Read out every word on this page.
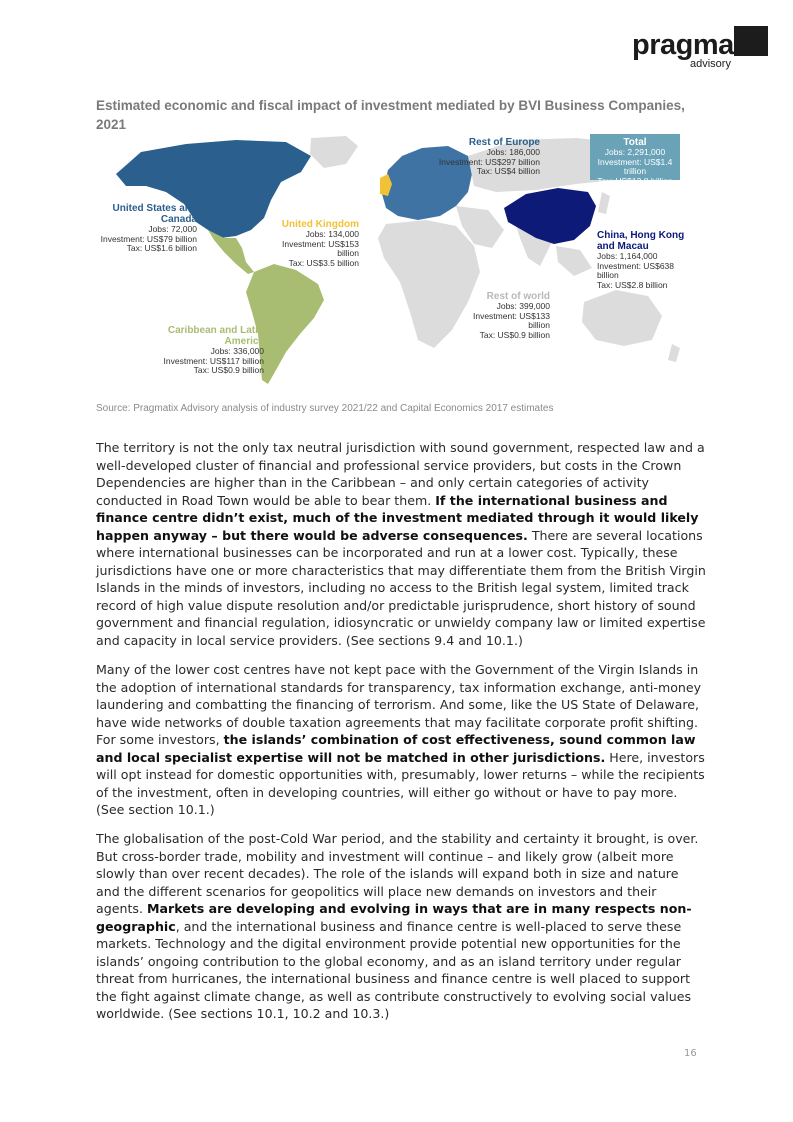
pragmatix
advisory
Estimated economic and fiscal impact of investment mediated by BVI Business Companies, 2021
Rest of Europe
Jobs: 186,000
Investment: US$297 billion
Tax: US$4 billion
Total
Jobs: 2,291,000
Investment: US$1.4 trillion
Tax: US$13.8 billion
United States and
Canada
Jobs: 72,000
Investment: US$79 billion
Tax: US$1.6 billion
United Kingdom
Jobs: 134,000
Investment: US$153
billion
Tax: US$3.5 billion
China, Hong Kong
and Macau
Jobs: 1,164,000
Investment: US$638
billion
Tax: US$2.8 billion
Rest of world
Jobs: 399,000
Investment: US$133 billion
Tax: US$0.9 billion
Caribbean and Latin
America
Jobs: 336,000
Investment: US$117 billion
Tax: US$0.9 billion
Source: Pragmatix Advisory analysis of industry survey 2021/22 and Capital Economics 2017 estimates

The territory is not the only tax neutral jurisdiction with sound government, respected law and a well-developed cluster of financial and professional service providers, but costs in the Crown Dependencies are higher than in the Caribbean – and only certain categories of activity conducted in Road Town would be able to bear them. If the international business and finance centre didn’t exist, much of the investment mediated through it would likely happen anyway – but there would be adverse consequences. There are several locations where international businesses can be incorporated and run at a lower cost. Typically, these jurisdictions have one or more characteristics that may differentiate them from the British Virgin Islands in the minds of investors, including no access to the British legal system, limited track record of high value dispute resolution and/or predictable jurisprudence, short history of sound government and financial regulation, idiosyncratic or unwieldy company law or limited expertise and capacity in local service providers. (See sections 9.4 and 10.1.)

Many of the lower cost centres have not kept pace with the Government of the Virgin Islands in the adoption of international standards for transparency, tax information exchange, anti-money laundering and combatting the financing of terrorism. And some, like the US State of Delaware, have wide networks of double taxation agreements that may facilitate corporate profit shifting. For some investors, the islands’ combination of cost effectiveness, sound common law and local specialist expertise will not be matched in other jurisdictions. Here, investors will opt instead for domestic opportunities with, presumably, lower returns – while the recipients of the investment, often in developing countries, will either go without or have to pay more. (See section 10.1.)

The globalisation of the post-Cold War period, and the stability and certainty it brought, is over. But cross-border trade, mobility and investment will continue – and likely grow (albeit more slowly than over recent decades). The role of the islands will expand both in size and nature and the different scenarios for geopolitics will place new demands on investors and their agents. Markets are developing and evolving in ways that are in many respects non-geographic, and the international business and finance centre is well-placed to serve these markets. Technology and the digital environment provide potential new opportunities for the islands’ ongoing contribution to the global economy, and as an island territory under regular threat from hurricanes, the international business and finance centre is well placed to support the fight against climate change, as well as contribute constructively to evolving social values worldwide. (See sections 10.1, 10.2 and 10.3.)

16
